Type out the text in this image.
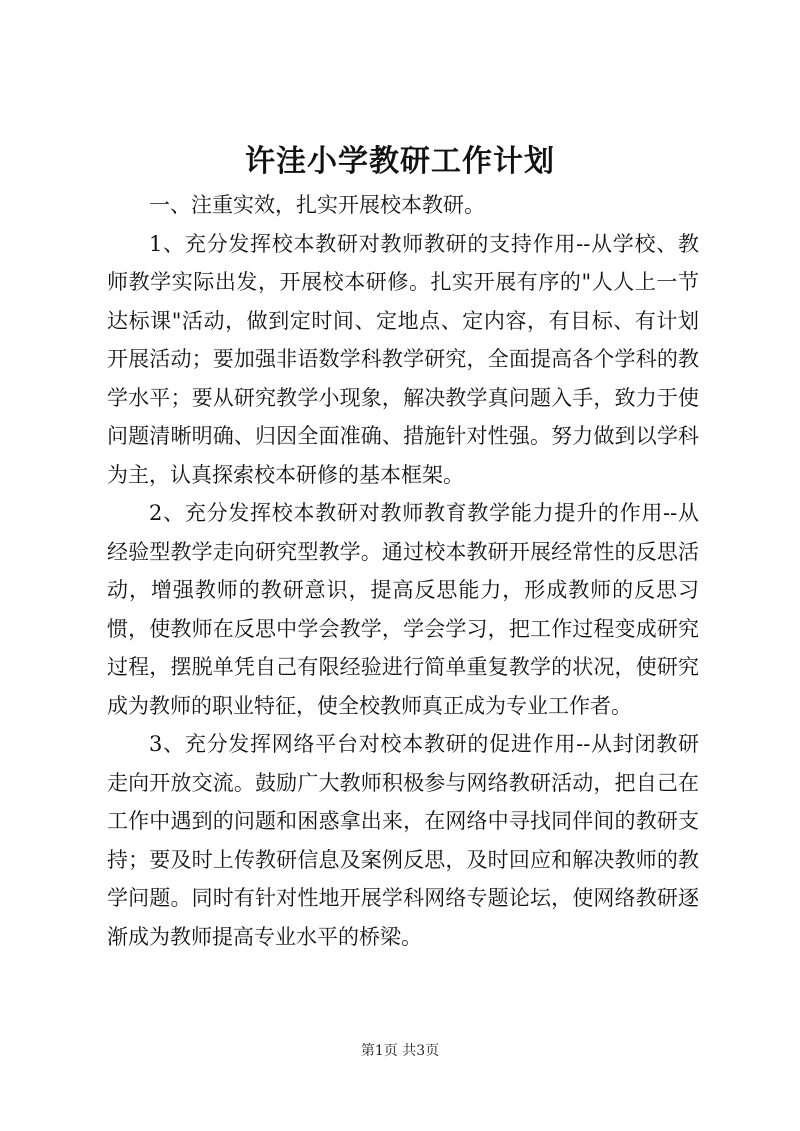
许洼小学教研工作计划

一、注重实效，扎实开展校本教研。

1、充分发挥校本教研对教师教研的支持作用--从学校、教师教学实际出发，开展校本研修。扎实开展有序的"人人上一节达标课"活动，做到定时间、定地点、定内容，有目标、有计划开展活动；要加强非语数学科教学研究，全面提高各个学科的教学水平；要从研究教学小现象，解决教学真问题入手，致力于使问题清晰明确、归因全面准确、措施针对性强。努力做到以学科为主，认真探索校本研修的基本框架。

2、充分发挥校本教研对教师教育教学能力提升的作用--从经验型教学走向研究型教学。通过校本教研开展经常性的反思活动，增强教师的教研意识，提高反思能力，形成教师的反思习惯，使教师在反思中学会教学，学会学习，把工作过程变成研究过程，摆脱单凭自己有限经验进行简单重复教学的状况，使研究成为教师的职业特征，使全校教师真正成为专业工作者。

3、充分发挥网络平台对校本教研的促进作用--从封闭教研走向开放交流。鼓励广大教师积极参与网络教研活动，把自己在工作中遇到的问题和困惑拿出来，在网络中寻找同伴间的教研支持；要及时上传教研信息及案例反思，及时回应和解决教师的教学问题。同时有针对性地开展学科网络专题论坛，使网络教研逐渐成为教师提高专业水平的桥梁。

第1页 共3页
